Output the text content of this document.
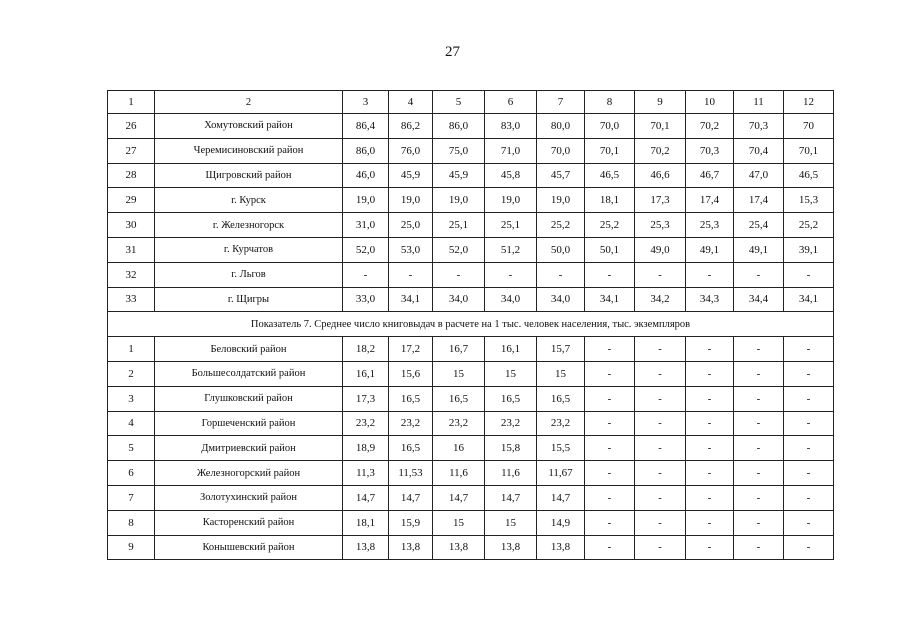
27
1	2	3	4	5	6	7	8	9	10	11	12
26	Хомутовский район	86,4	86,2	86,0	83,0	80,0	70,0	70,1	70,2	70,3	70
27	Черемисиновский район	86,0	76,0	75,0	71,0	70,0	70,1	70,2	70,3	70,4	70,1
28	Щигровский район	46,0	45,9	45,9	45,8	45,7	46,5	46,6	46,7	47,0	46,5
29	г. Курск	19,0	19,0	19,0	19,0	19,0	18,1	17,3	17,4	17,4	15,3
30	г. Железногорск	31,0	25,0	25,1	25,1	25,2	25,2	25,3	25,3	25,4	25,2
31	г. Курчатов	52,0	53,0	52,0	51,2	50,0	50,1	49,0	49,1	49,1	39,1
32	г. Льгов	-	-	-	-	-	-	-	-	-	-
33	г. Щигры	33,0	34,1	34,0	34,0	34,0	34,1	34,2	34,3	34,4	34,1
Показатель 7. Среднее число книговыдач в расчете на 1 тыс. человек населения, тыс. экземпляров											
1	Беловский район	18,2	17,2	16,7	16,1	15,7	-	-	-	-	-
2	Большесолдатский район	16,1	15,6	15	15	15	-	-	-	-	-
3	Глушковский район	17,3	16,5	16,5	16,5	16,5	-	-	-	-	-
4	Горшеченский район	23,2	23,2	23,2	23,2	23,2	-	-	-	-	-
5	Дмитриевский район	18,9	16,5	16	15,8	15,5	-	-	-	-	-
6	Железногорский район	11,3	11,53	11,6	11,6	11,67	-	-	-	-	-
7	Золотухинский район	14,7	14,7	14,7	14,7	14,7	-	-	-	-	-
8	Касторенский район	18,1	15,9	15	15	14,9	-	-	-	-	-
9	Конышевский район	13,8	13,8	13,8	13,8	13,8	-	-	-	-	-
